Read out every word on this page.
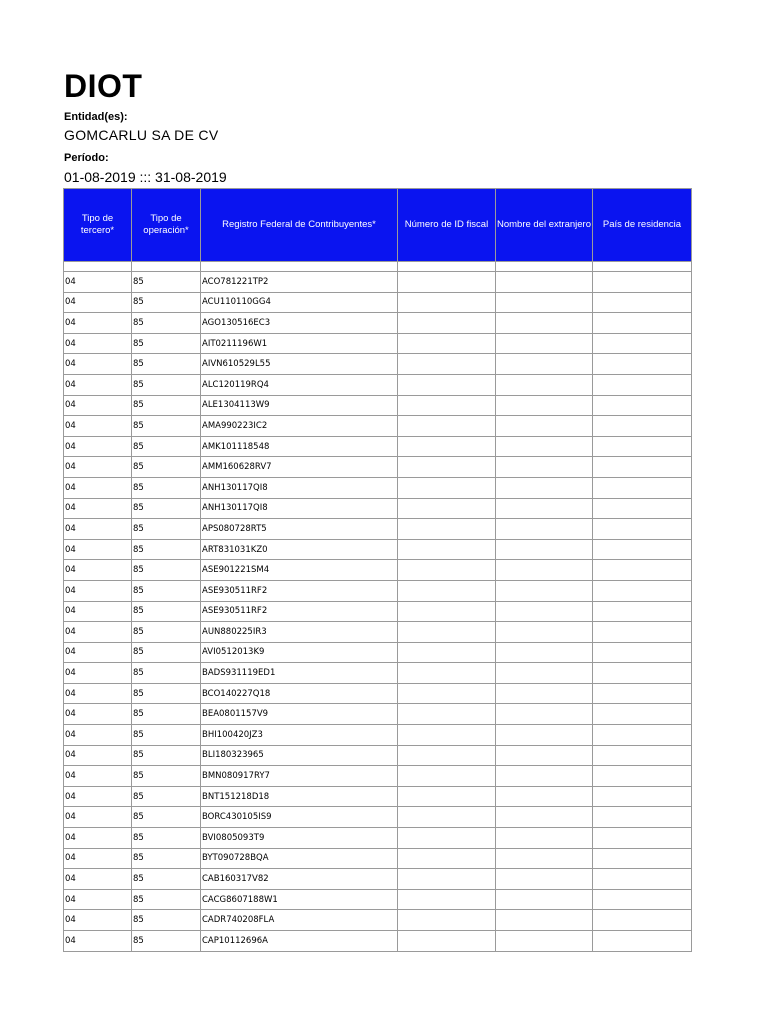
DIOT
Entidad(es):
GOMCARLU SA DE CV
Período:
01-08-2019 ::: 31-08-2019
Tipo de tercero*	Tipo de operación*	Registro Federal de Contribuyentes*	Número de ID fiscal	Nombre del extranjero	País de residencia

04	85	ACO781221TP2			
04	85	ACU110110GG4			
04	85	AGO130516EC3			
04	85	AIT0211196W1			
04	85	AIVN610529L55			
04	85	ALC120119RQ4			
04	85	ALE1304113W9			
04	85	AMA990223IC2			
04	85	AMK101118548			
04	85	AMM160628RV7			
04	85	ANH130117QI8			
04	85	ANH130117QI8			
04	85	APS080728RT5			
04	85	ART831031KZ0			
04	85	ASE901221SM4			
04	85	ASE930511RF2			
04	85	ASE930511RF2			
04	85	AUN880225IR3			
04	85	AVI0512013K9			
04	85	BADS931119ED1			
04	85	BCO140227Q18			
04	85	BEA0801157V9			
04	85	BHI100420JZ3			
04	85	BLI180323965			
04	85	BMN080917RY7			
04	85	BNT151218D18			
04	85	BORC430105IS9			
04	85	BVI0805093T9			
04	85	BYT090728BQA			
04	85	CAB160317V82			
04	85	CACG8607188W1			
04	85	CADR740208FLA			
04	85	CAP10112696A			
